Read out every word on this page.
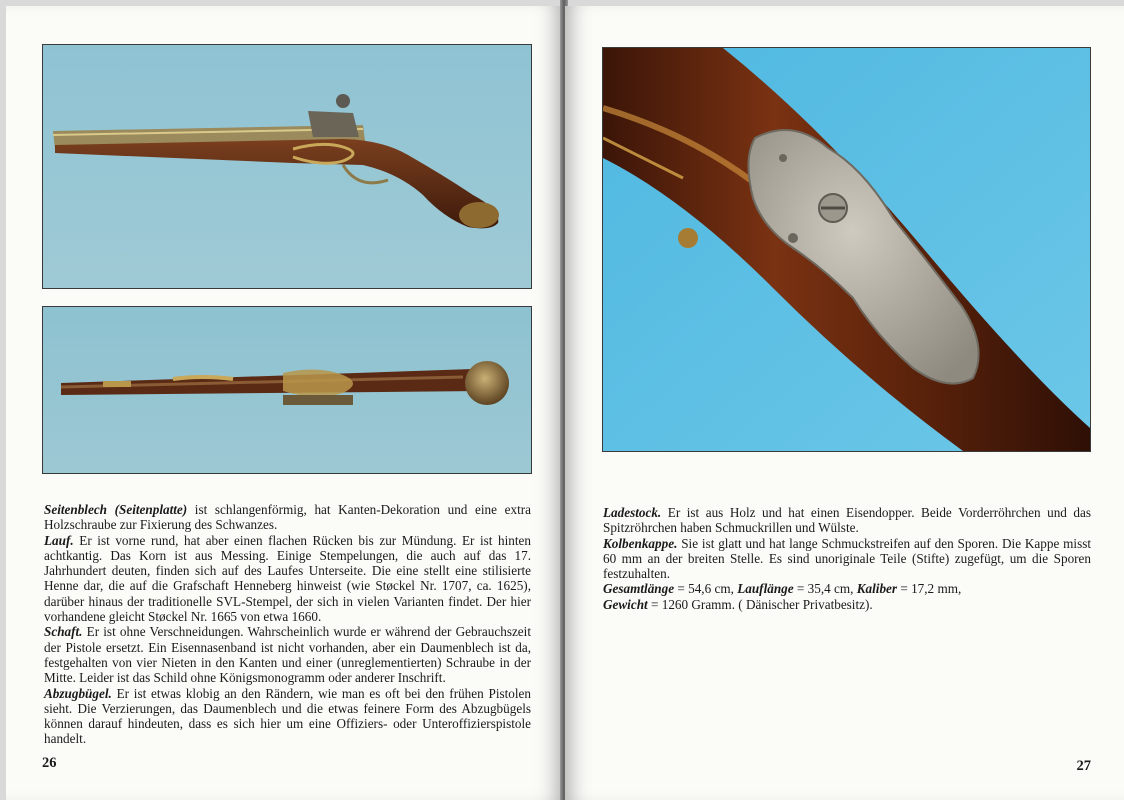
Seitenblech (Seitenplatte) ist schlangenförmig, hat Kanten-Dekoration und eine extra Holzschraube zur Fixierung des Schwanzes.

Lauf. Er ist vorne rund, hat aber einen flachen Rücken bis zur Mündung. Er ist hinten achtkantig. Das Korn ist aus Messing. Einige Stempelungen, die auch auf das 17. Jahrhundert deuten, finden sich auf des Laufes Unterseite. Die eine stellt eine stilisierte Henne dar, die auf die Grafschaft Henneberg hinweist (wie Støckel Nr. 1707, ca. 1625), darüber hinaus der traditionelle SVL-Stempel, der sich in vielen Varianten findet. Der hier vorhandene gleicht Støckel Nr. 1665 von etwa 1660.

Schaft. Er ist ohne Verschneidungen. Wahrscheinlich wurde er während der Gebrauchszeit der Pistole ersetzt. Ein Eisennasenband ist nicht vorhanden, aber ein Daumenblech ist da, festgehalten von vier Nieten in den Kanten und einer (unreglementierten) Schraube in der Mitte. Leider ist das Schild ohne Königsmonogramm oder anderer Inschrift.

Abzugbügel. Er ist etwas klobig an den Rändern, wie man es oft bei den frühen Pistolen sieht. Die Verzierungen, das Daumenblech und die etwas feinere Form des Abzugbügels können darauf hindeuten, dass es sich hier um eine Offiziers- oder Unteroffizierspistole handelt.

26

Ladestock. Er ist aus Holz und hat einen Eisendopper. Beide Vorderröhrchen und das Spitzröhrchen haben Schmuckrillen und Wülste.

Kolbenkappe. Sie ist glatt und hat lange Schmuckstreifen auf den Sporen. Die Kappe misst 60 mm an der breiten Stelle. Es sind unoriginale Teile (Stifte) zugefügt, um die Sporen festzuhalten.

Gesamtlänge = 54,6 cm, Lauflänge = 35,4 cm, Kaliber = 17,2 mm,

Gewicht = 1260 Gramm. ( Dänischer Privatbesitz).

27
